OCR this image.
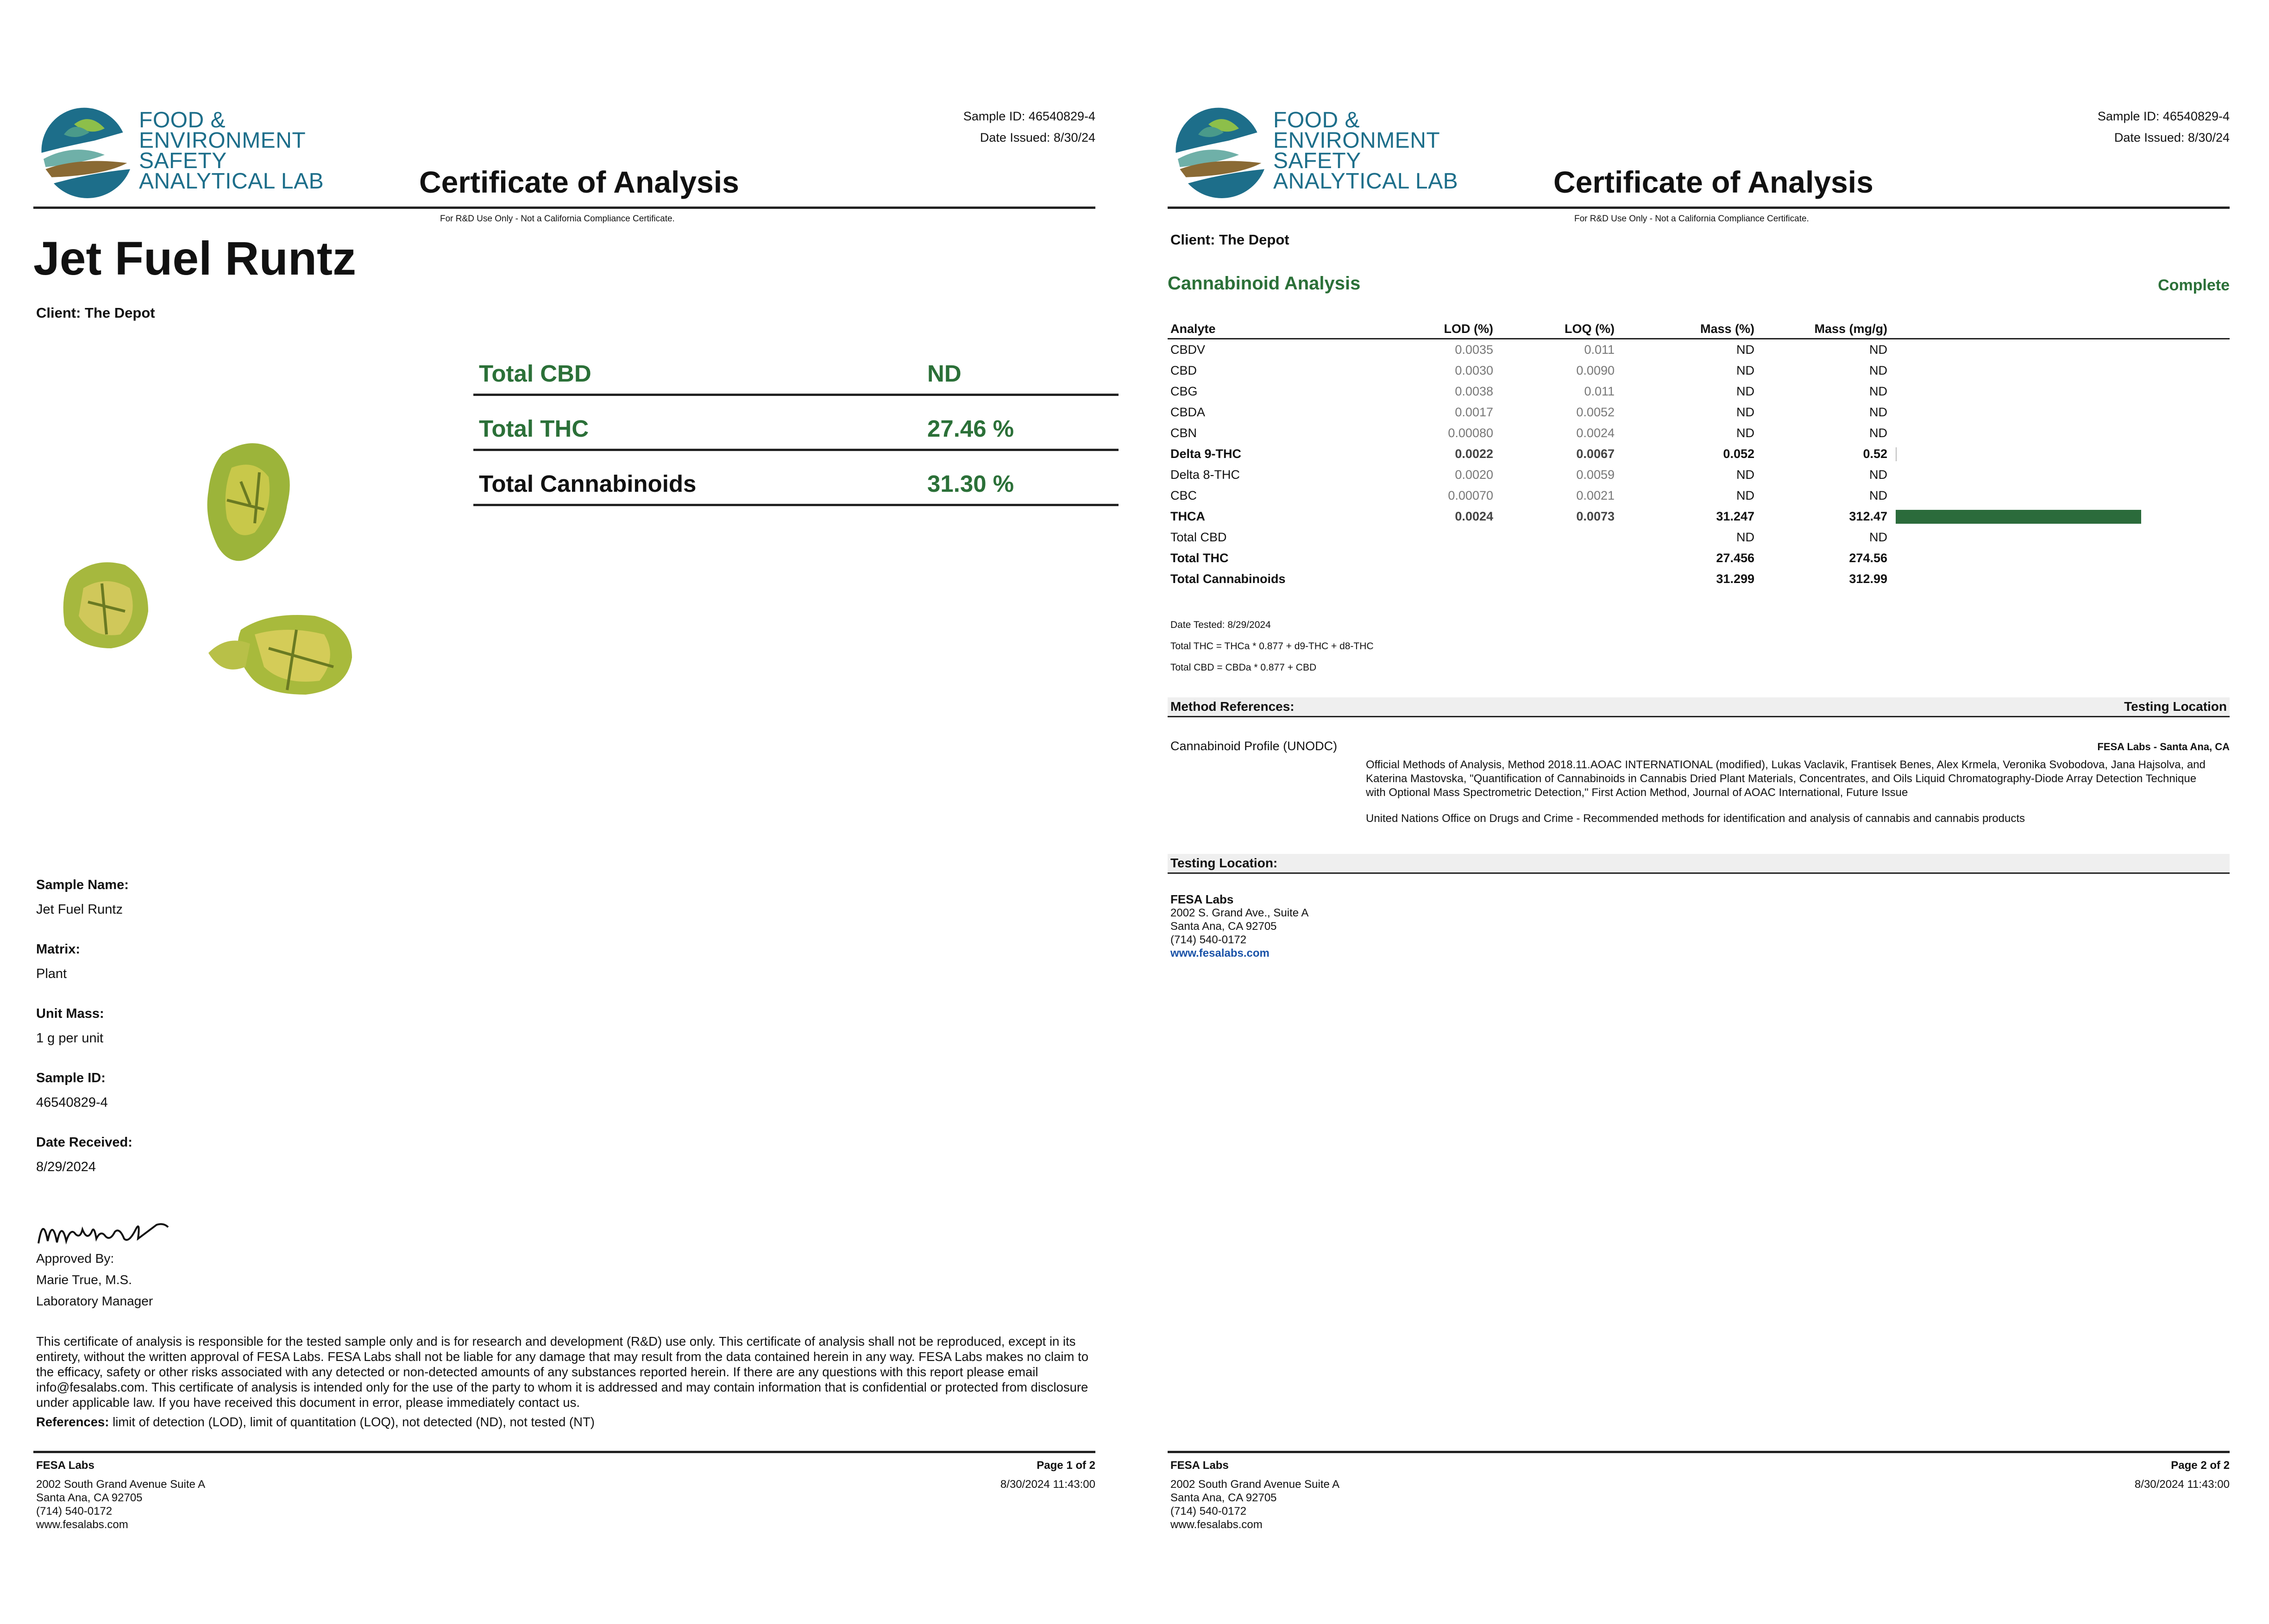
FOOD &
ENVIRONMENT
SAFETY
ANALYTICAL LAB
Sample ID: 46540829-4
Date Issued: 8/30/24
Certificate of Analysis
For R&D Use Only - Not a California Compliance Certificate.
Jet Fuel Runtz
Client: The Depot
Total CBD	ND
Total THC	27.46 %
Total Cannabinoids	31.30 %
Sample Name:
Jet Fuel Runtz
Matrix:
Plant
Unit Mass:
1 g per unit
Sample ID:
46540829-4
Date Received:
8/29/2024
Approved By:
Marie True, M.S.
Laboratory Manager
This certificate of analysis is responsible for the tested sample only and is for research and development (R&D) use only. This certificate of analysis shall not be reproduced, except in its entirety, without the written approval of FESA Labs. FESA Labs shall not be liable for any damage that may result from the data contained herein in any way. FESA Labs makes no claim to the efficacy, safety or other risks associated with any detected or non-detected amounts of any substances reported herein. If there are any questions with this report please email info@fesalabs.com. This certificate of analysis is intended only for the use of the party to whom it is addressed and may contain information that is confidential or protected from disclosure under applicable law. If you have received this document in error, please immediately contact us.
References: limit of detection (LOD), limit of quantitation (LOQ), not detected (ND), not tested (NT)
FESA Labs
2002 South Grand Avenue Suite A
Santa Ana, CA 92705
(714) 540-0172
www.fesalabs.com
Page 1 of 2
8/30/2024 11:43:00
FOOD &
ENVIRONMENT
SAFETY
ANALYTICAL LAB
Sample ID: 46540829-4
Date Issued: 8/30/24
Certificate of Analysis
For R&D Use Only - Not a California Compliance Certificate.
Client: The Depot
Cannabinoid Analysis	Complete
Analyte	LOD (%)	LOQ (%)	Mass (%)	Mass (mg/g)	
CBDV	0.0035	0.011	ND	ND	
CBD	0.0030	0.0090	ND	ND	
CBG	0.0038	0.011	ND	ND	
CBDA	0.0017	0.0052	ND	ND	
CBN	0.00080	0.0024	ND	ND	
Delta 9-THC	0.0022	0.0067	0.052	0.52	

Delta 8-THC	0.0020	0.0059	ND	ND	
CBC	0.00070	0.0021	ND	ND	
THCA	0.0024	0.0073	31.247	312.47	

Total CBD			ND	ND	
Total THC			27.456	274.56	
Total Cannabinoids			31.299	312.99	
Date Tested: 8/29/2024
Total THC = THCa * 0.877 + d9-THC + d8-THC
Total CBD = CBDa * 0.877 + CBD
Method References:	Testing Location
Cannabinoid Profile (UNODC)	FESA Labs - Santa Ana, CA
Official Methods of Analysis, Method 2018.11.AOAC INTERNATIONAL (modified), Lukas Vaclavik, Frantisek Benes, Alex Krmela, Veronika Svobodova, Jana Hajsolva, and Katerina Mastovska, "Quantification of Cannabinoids in Cannabis Dried Plant Materials, Concentrates, and Oils Liquid Chromatography-Diode Array Detection Technique with Optional Mass Spectrometric Detection," First Action Method, Journal of AOAC International, Future Issue
United Nations Office on Drugs and Crime - Recommended methods for identification and analysis of cannabis and cannabis products
Testing Location:
FESA Labs
2002 S. Grand Ave., Suite A
Santa Ana, CA 92705
(714) 540-0172
www.fesalabs.com
FESA Labs
2002 South Grand Avenue Suite A
Santa Ana, CA 92705
(714) 540-0172
www.fesalabs.com
Page 2 of 2
8/30/2024 11:43:00
